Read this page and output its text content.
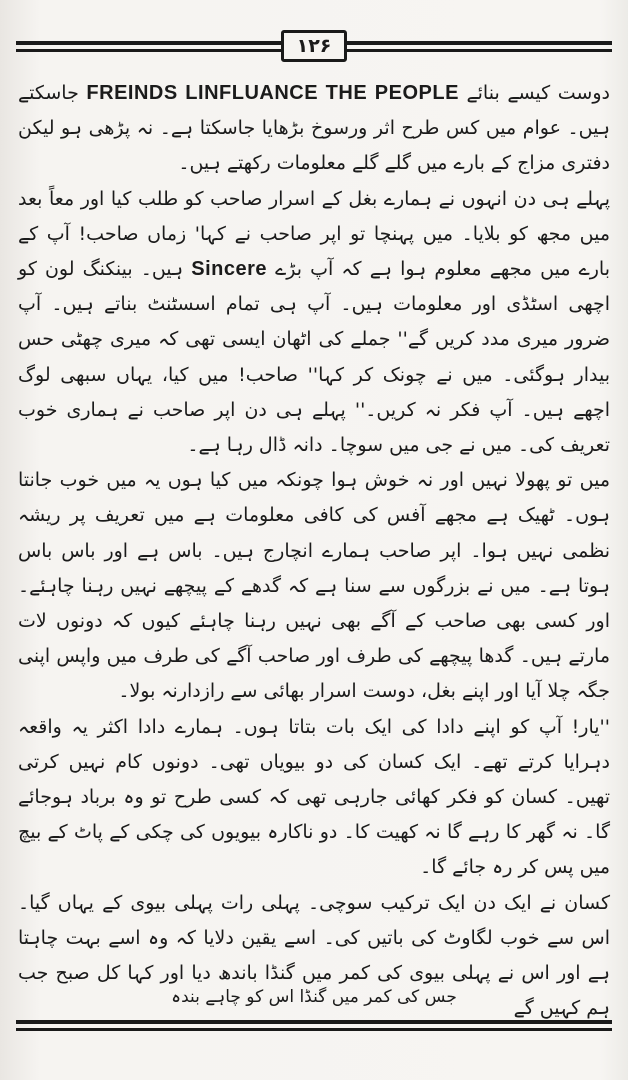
۱۲۶

دوست کیسے بنائے FREINDS LINFLUANCE THE PEOPLE جاسکتے ہیں۔ عوام میں کس طرح اثر ورسوخ بڑھایا جاسکتا ہے۔ نہ پڑھی ہو لیکن دفتری مزاج کے بارے میں گلے گلے معلومات رکھتے ہیں۔

پہلے ہی دن انہوں نے ہمارے بغل کے اسرار صاحب کو طلب کیا اور معاً بعد میں مجھ کو بلایا۔ میں پہنچا تو اپر صاحب نے کہا' زماں صاحب! آپ کے بارے میں مجھے معلوم ہوا ہے کہ آپ بڑے Sincere ہیں۔ بینکنگ لون کو اچھی اسٹڈی اور معلومات ہیں۔ آپ ہی تمام اسسٹنٹ بناتے ہیں۔ آپ ضرور میری مدد کریں گے'' جملے کی اٹھان ایسی تھی کہ میری چھٹی حس بیدار ہوگئی۔ میں نے چونک کر کہا'' صاحب! میں کیا، یہاں سبھی لوگ اچھے ہیں۔ آپ فکر نہ کریں۔'' پہلے ہی دن اپر صاحب نے ہماری خوب تعریف کی۔ میں نے جی میں سوچا۔ دانہ ڈال رہا ہے۔

میں تو پھولا نہیں اور نہ خوش ہوا چونکہ میں کیا ہوں یہ میں خوب جانتا ہوں۔ ٹھیک ہے مجھے آفس کی کافی معلومات ہے میں تعریف پر ریشہ نظمی نہیں ہوا۔ اپر صاحب ہمارے انچارج ہیں۔ باس ہے اور باس باس ہوتا ہے۔ میں نے بزرگوں سے سنا ہے کہ گدھے کے پیچھے نہیں رہنا چاہئے۔ اور کسی بھی صاحب کے آگے بھی نہیں رہنا چاہئے کیوں کہ دونوں لات مارتے ہیں۔ گدھا پیچھے کی طرف اور صاحب آگے کی طرف میں واپس اپنی جگہ چلا آیا اور اپنے بغل، دوست اسرار بھائی سے رازدارنہ بولا۔

''یار! آپ کو اپنے دادا کی ایک بات بتاتا ہوں۔ ہمارے دادا اکثر یہ واقعہ دہرایا کرتے تھے۔ ایک کسان کی دو بیویاں تھی۔ دونوں کام نہیں کرتی تھیں۔ کسان کو فکر کھائی جارہی تھی کہ کسی طرح تو وہ برباد ہوجائے گا۔ نہ گھر کا رہے گا نہ کھیت کا۔ دو ناکارہ بیویوں کی چکی کے پاٹ کے بیچ میں پس کر رہ جائے گا۔

کسان نے ایک دن ایک ترکیب سوچی۔ پہلی رات پہلی بیوی کے یہاں گیا۔ اس سے خوب لگاوٹ کی باتیں کی۔ اسے یقین دلایا کہ وہ اسے بہت چاہتا ہے اور اس نے پہلی بیوی کی کمر میں گنڈا باندھ دیا اور کہا کل صبح جب ہم کہیں گے

جس کی کمر میں گنڈا اس کو چاہے بندہ
